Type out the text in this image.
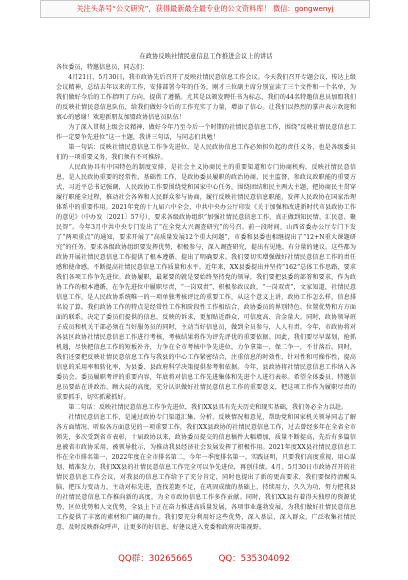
关注头条号“公文研究”，获得最新最全最专业的公文资料库！ 微信：gongwenyj
在政协反映社情民意信息工作推进会议上的讲话

各位委员，特邀信息员，同志们：

4月21日、5月30日，我市政协先后召开了反映社情民意信息工作会议。今天我们召开专题会议，传达上级会议精神，总结去年以来的工作，安排部署今年的任务，刚才三位副主席分别宣读了三个文件和一个名单，为我们做好今后的工作指明了方向，提供了遵循。尤其是以颁发聘任书为标志，我们的44名特邀信息员加盟我们的反映社情民意信息队伍，给我们做好今后的工作充实了力量，增添了信心。让我们以热烈的掌声表示欢迎和衷心的感谢！欢迎新朋友加盟政协信息员队伍！

为了深入贯彻上级会议精神，做好今年乃至今后一个时期的社情民意信息工作，围绕“反映社情民意信息工作一定要争先进位”这一主题，我讲三句话，与同志们共勉！

第一句话：反映社情民意信息工作争先进位，是人民政协信息工作必须担负起的责任义务，也是各级委员们的一项重要义务，我们须有不可推辞。

人民政协具有中国特色的制度安排，是社会主义协商民主的重要渠道和专门协商机构，反映社情民意信息，是人民政协重要的经常性、基础性工作，是政协委员履职的政治协商、民主监督、参政议政职能的重要方式，习近平总书记强调，人民政协工作要围绕党和国家中心任务，围绕团结和民主两大主题，把协商民主贯穿履行职能全过程，推动社会各界和人民群众参与协商，履行反映社情民意信息职能，发挥人民政协在国家治理体系中的重要作用。2021年党的十九届六中全会，中共中央办公厅印发《关于加强和改进新时代市县政协工作的意见》（中办发〔2021〕57号），要求各级政协组织“加强社情民意信息工作，真正做到知民情、汇民意、聚民智”。今年3月中共中央专门发出了“在全党大兴调查研究”的号召。前一段时间，山西省委办公厅专门下发了“两项重点”的通知，要求开展了“高质量发展12个重大问题”，市委和县委也相继提出了“12+N重大课题研究”的任务，要求各级政协组织要发挥优势，积极参与，深入调查研究，提出有见地、有分量的建议。这些都为政协开展社情民意信息工作提供了根本遵循、提出了明确要求。我们要切实增强做好社情民意信息工作的责任感和使命感，不断提高社情民意信息工作质量和水平。近年来，XX县委提出并坚持“162”总体工作思路，要求我们各项工作争先进位。政协履职，最紧要的就是要始终坚持党的领导，我们要把县委的部署和要求，作为政协工作的根本遵循，在争先进位中履职尽责，“一岗双责”，积极参政议政，“一岗双责”，文家知道，社情民意信息工作，是人民政协系统唯一的一项单独考核评比的重要工作，从这个意义上讲，政协工作怎么样，信息排名说了算。我们政协工作的特点是经常性工作和阶段性工作相结合，政协委员的界别特色、位置优势和方方面面的联系，决定了委员们提供的信息，反映的诉求，更加贴近群众，可信度高、含金量大。同时，政协领导班子成员和机关干部必须在当好服务员的同时，主动当好信息员，做到全员参与，人人有责。今年，市政协将对各县区政协社情民意信息工作进行考核，考核结果将作为评先评优的重要依据。因此，我们要尽早谋划，抢抓机遇，尽快把信息工作的短板补齐，力争在全市考核中争先进位，力争拿第一，保二争一，不甘落后。同时，我们还要把反映社情民意信息工作与我县的中心工作紧密结合，注重信息的时效性、针对性和可操作性，提高信息的采用率和转化率，为县委、县政府科学决策提供参考和依据。今年，县政协将社情民意信息工作纳入各委员会、委员履职考评的重要内容，年底将对信息工作先进集体和先进个人进行表彰。希望全体委员、特邀信息员要站在讲政治、顾大局的高度，充分认识做好社情民意信息工作的重要意义，把这项工作作为履职尽责的重要抓手，切实抓紧抓好。

第二句话：反映社情民意信息工作争先进位，我们XX县具有先天历史和现实基础，我们务必全力以赴。

社情民意信息工作，是通过政协专门渠道汇集、分析、反映情况和意见，帮助党和国家机关领导同志了解各方面情况、听取各方面意见的一项重要工作，我们XX县政协的社情民意信息工作，过去曾经多年在全省全市领先，多次受到省市表彰，十届政协以来，政协委员提交的信息稿件大幅增加，质量不断提高，先后有多篇信息被省市政协采用、被领导批示，为推动我县经济社会发展发挥了积极作用。2021年度XX县社情民意信息工作在全市排名第一，2022年度在全市排名第二，今年一季度排名第一。实践证明，只要我们高度重视、用心谋划、精准发力，我们XX县的社情民意信息工作完全可以争先进位，再创佳绩。4月、5月30日市政协召开的社情民意信息工作会议，对我县的信息工作给予了充分肯定，同时也提出了新的更高要求，我们要保持清醒头脑，把压力变动力，主动对标先进，查找差距不足，在巩固成绩的基础上，持续用力，久久为功，努力把我县的社情民意信息工作推向新的高度，为全市政协信息工作多作贡献。同时，我们XX县有着得天独厚的资源优势、区位优势和人文优势，全县上下正在奋力推进高质量发展，各项事业蓬勃发展，为我们做好社情民意信息工作提供了丰富的素材和广阔的舞台。我们要充分利用好这些优势，深入基层、深入群众，广泛收集社情民意，及时反映群众呼声，让更多的好信息、好建议进入党委和政府决策视野。

QQ群：30265665	QQ：535304092
